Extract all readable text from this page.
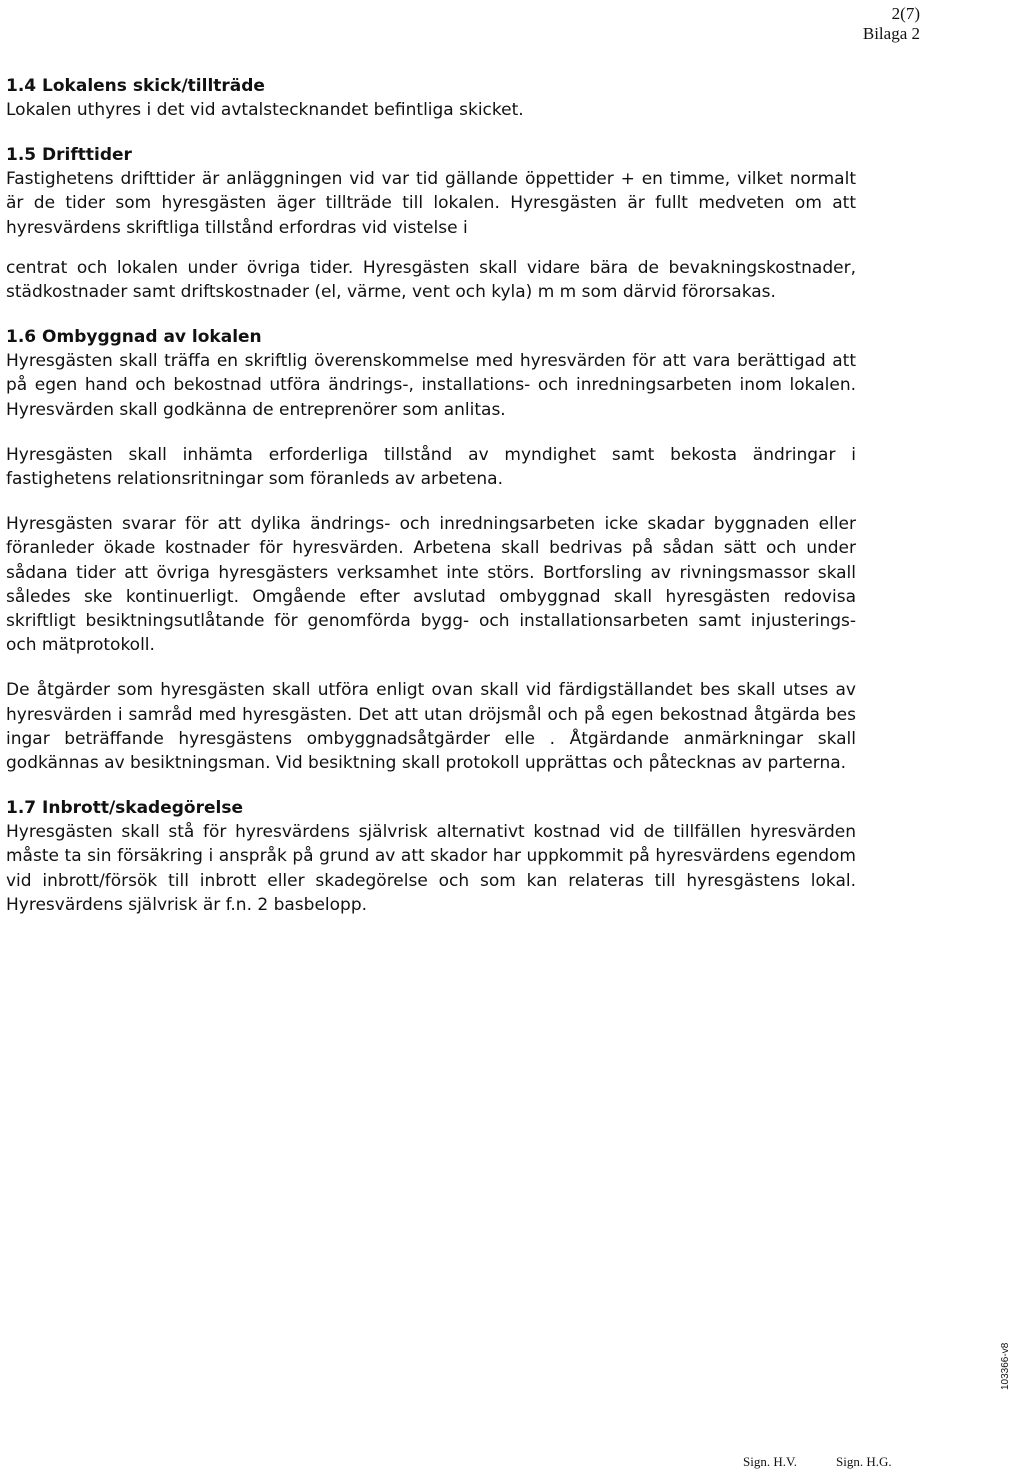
2(7)
Bilaga 2

1.4 Lokalens skick/tillträde

Lokalen uthyres i det vid avtalstecknandet befintliga skicket.

1.5 Drifttider

Fastighetens drifttider är anläggningen vid var tid gällande öppettider + en timme, vilket normalt är de tider som hyresgästen äger tillträde till lokalen. Hyresgästen är fullt medveten om att hyresvärdens skriftliga tillstånd erfordras vid vistelse i

centrat och lokalen under övriga tider. Hyresgästen skall vidare bära de bevakningskostnader, städkostnader samt driftskostnader (el, värme, vent och kyla) m m som därvid förorsakas.

1.6 Ombyggnad av lokalen

Hyresgästen skall träffa en skriftlig överenskommelse med hyresvärden för att vara berättigad att på egen hand och bekostnad utföra ändrings-, installations- och inredningsarbeten inom lokalen. Hyresvärden skall godkänna de entreprenörer som anlitas.

Hyresgästen skall inhämta erforderliga tillstånd av myndighet samt bekosta ändringar i fastighetens relationsritningar som föranleds av arbetena.

Hyresgästen svarar för att dylika ändrings- och inredningsarbeten icke skadar byggnaden eller föranleder ökade kostnader för hyresvärden. Arbetena skall bedrivas på sådan sätt och under sådana tider att övriga hyresgästers verksamhet inte störs. Bortforsling av rivningsmassor skall således ske kontinuerligt. Omgående efter avslutad ombyggnad skall hyresgästen redovisa skriftligt besiktningsutlåtande för genomförda bygg- och installationsarbeten samt injusterings- och mätprotokoll.

De åtgärder som hyresgästen skall utföra enligt ovan skall vid färdigställandet bes skall utses av hyresvärden i samråd med hyresgästen. Det att utan dröjsmål och på egen bekostnad åtgärda bes ingar beträffande hyresgästens ombyggnadsåtgärder elle . Åtgärdande anmärkningar skall godkännas av besiktningsman. Vid besiktning skall protokoll upprättas och påtecknas av parterna.

1.7 Inbrott/skadegörelse

Hyresgästen skall stå för hyresvärdens självrisk alternativt kostnad vid de tillfällen hyresvärden måste ta sin försäkring i anspråk på grund av att skador har uppkommit på hyresvärdens egendom vid inbrott/försök till inbrott eller skadegörelse och som kan relateras till hyresgästens lokal. Hyresvärdens självrisk är f.n. 2 basbelopp.

103366-v8
Sign. H.V.	Sign. H.G.
